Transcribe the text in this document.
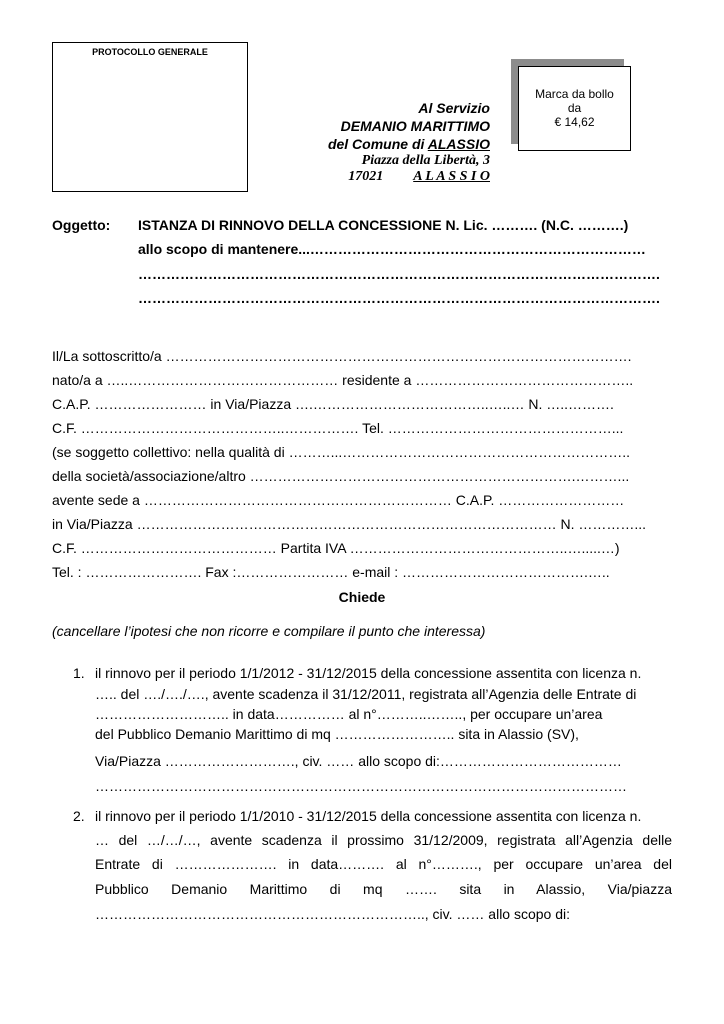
PROTOCOLLO GENERALE
Marca da bollo
da
€ 14,62
Al Servizio
DEMANIO MARITTIMO
del Comune di ALASSIO
Piazza della Libertà, 3
17021 A L A S S I O
Oggetto: ISTANZA DI RINNOVO DELLA CONCESSIONE N. Lic. ………. (N.C. ……….)
allo scopo di mantenere...………………………………………………………………
………………………………………………………………………………………………….
………………………………………………………………………………………………….
Il/La sottoscritto/a ……………………………………………………………………………………….
nato/a a …..……………………………………… residente a ………………………………………..
C.A.P. …………………… in Via/Piazza ….………………………………..…..… N. …..……….
C.F. ……………………………………..……………. Tel. …………………………………………...
(se soggetto collettivo: nella qualità di ………...……………………………………………………..
della società/associazione/altro …………………………………………………………….………...
avente sede a ………………………………………………………… C.A.P. ………………………
in Via/Piazza ……………………………………………………………………………… N. …………...
C.F. …………………………………… Partita IVA ………………………………………..….....…)
Tel. : ……………………. Fax :…………………… e-mail : ………………………………….…..
Chiede
(cancellare l’ipotesi che non ricorre e compilare il punto che interessa)
1. il rinnovo per il periodo 1/1/2012 - 31/12/2015 della concessione assentita con licenza n.
….. del …./…./…., avente scadenza il 31/12/2011, registrata all’Agenzia delle Entrate di
……………………….. in data…………… al n°………..…….., per occupare un’area
del Pubblico Demanio Marittimo di mq …………………….. sita in Alassio (SV),
Via/Piazza ………………………., civ. …… allo scopo di:…………………………………
……………………………………………………………………………………………………
2. il rinnovo per il periodo 1/1/2010 - 31/12/2015 della concessione assentita con licenza n.
… del …/…/…, avente scadenza il prossimo 31/12/2009, registrata all’Agenzia delle
Entrate di …………………. in data………. al n°………., per occupare un’area del
Pubblico Demanio Marittimo di mq ……. sita in Alassio, Via/piazza
…………………………………………………………….., civ. …… allo scopo di:
